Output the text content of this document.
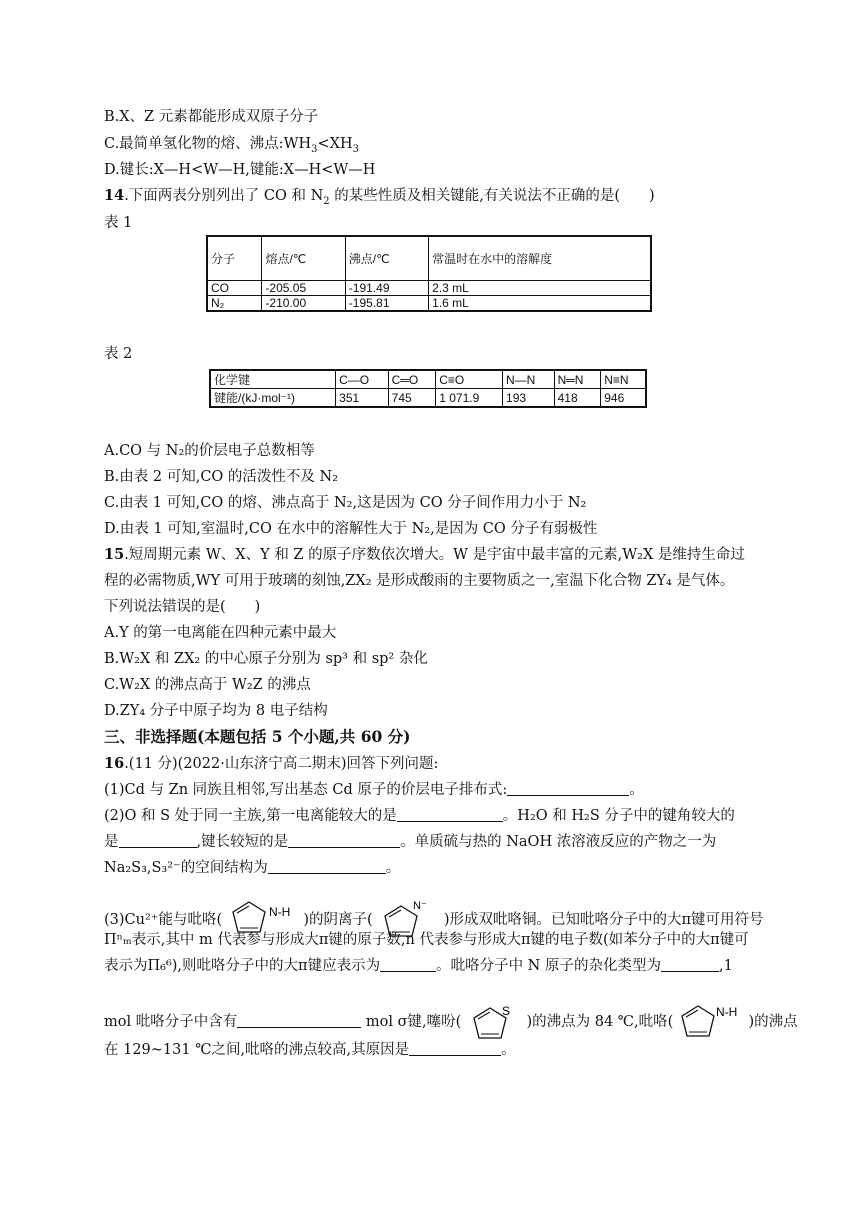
B.X、Z 元素都能形成双原子分子
C.最简单氢化物的熔、沸点$:WH_3<XH_3$
D.键长:X—H<W—H,键能:X—H<W—H
14.下面两表分别列出了 CO 和 $N_2$ 的某些性质及相关键能,有关说法不正确的是(　　)
表 1
分子	熔点/℃	沸点/℃	常温时在水中的溶解度
CO	-205.05	-191.49	2.3 mL
N₂	-210.00	-195.81	1.6 mL
表 2
化学键	C—O	C═O	C≡O	N—N	N═N	N≡N
键能/(kJ·mol⁻¹)	351	745	1 071.9	193	418	946
A.CO 与 N₂的价层电子总数相等
B.由表 2 可知,CO 的活泼性不及 N₂
C.由表 1 可知,CO 的熔、沸点高于 N₂,这是因为 CO 分子间作用力小于 N₂
D.由表 1 可知,室温时,CO 在水中的溶解性大于 N₂,是因为 CO 分子有弱极性
15.短周期元素 W、X、Y 和 Z 的原子序数依次增大。W 是宇宙中最丰富的元素,W₂X 是维持生命过
程的必需物质,WY 可用于玻璃的刻蚀,ZX₂ 是形成酸雨的主要物质之一,室温下化合物 ZY₄ 是气体。
下列说法错误的是(　　)
A.Y 的第一电离能在四种元素中最大
B.W₂X 和 ZX₂ 的中心原子分别为 sp³ 和 sp² 杂化
C.W₂X 的沸点高于 W₂Z 的沸点
D.ZY₄ 分子中原子均为 8 电子结构
三、非选择题(本题包括 5 个小题,共 60 分)
16.(11 分)(2022·山东济宁高二期末)回答下列问题:
(1)Cd 与 Zn 同族且相邻,写出基态 Cd 原子的价层电子排布式:	。
(2)O 和 S 处于同一主族,第一电离能较大的是	。H₂O 和 H₂S 分子中的键角较大的
是	,键长较短的是	。单质硫与热的 NaOH 浓溶液反应的产物之一为
Na₂S₃,S₃²⁻的空间结构为	。
(3)Cu²⁺能与吡咯(	N-H )的阴离子(
N⁻
)形成双吡咯铜。已知吡咯分子中的大π键可用符号
Πⁿₘ表示,其中 m 代表参与形成大π键的原子数,n 代表参与形成大π键的电子数(如苯分子中的大π键可
表示为Π₆⁶),则吡咯分子中的大π键应表示为	。吡咯分子中 N 原子的杂化类型为	,1
mol 吡咯分子中含有	mol σ键,噻吩(
S
)的沸点为 84 ℃,吡咯(
N-H
)的沸点
在 129~131 ℃之间,吡咯的沸点较高,其原因是	。
